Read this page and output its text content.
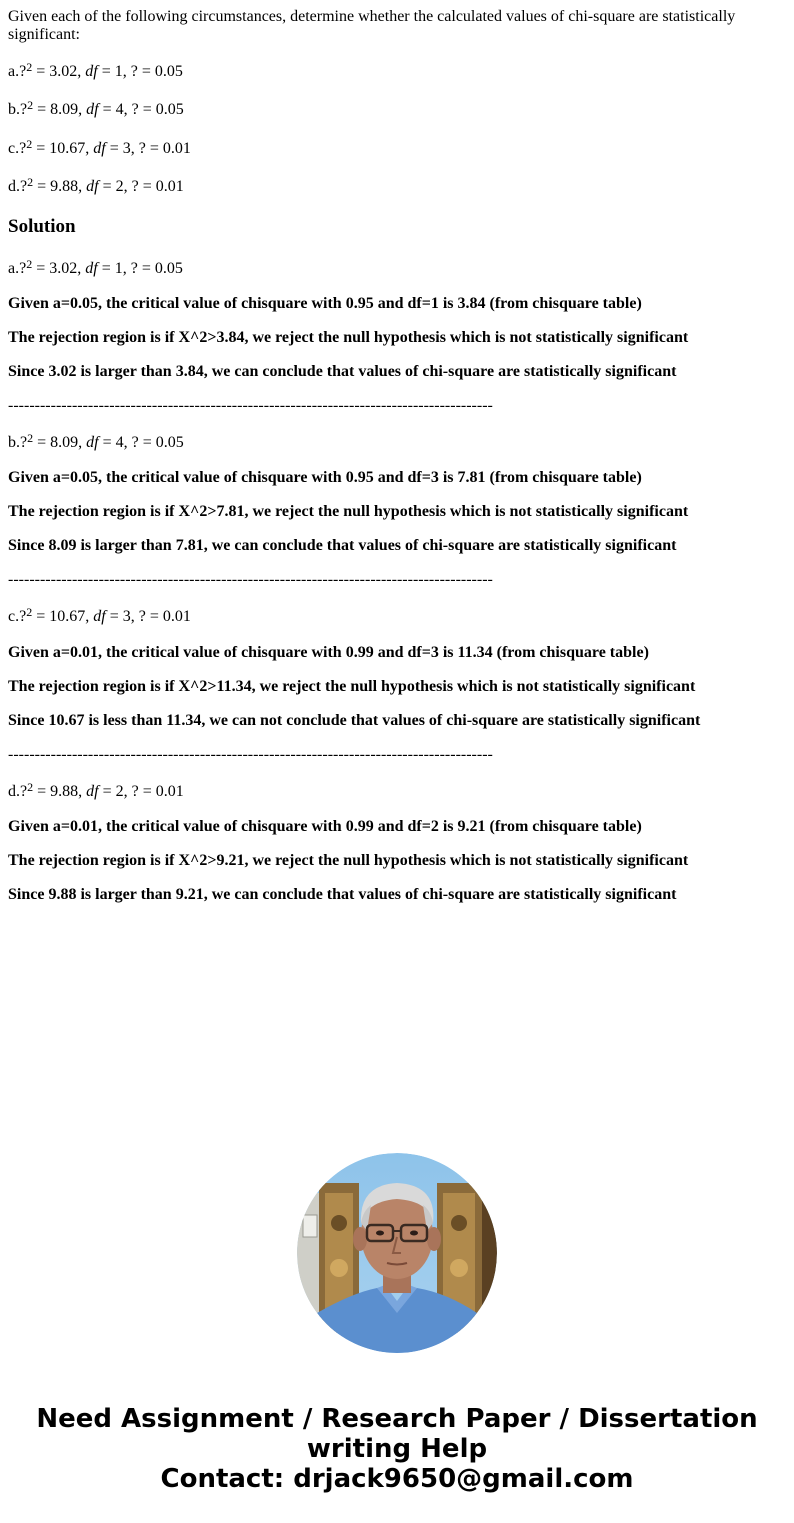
Given each of the following circumstances, determine whether the calculated values of chi-square are statistically significant:

a.?$^2$ = 3.02, df = 1, ? = 0.05

b.?$^2$ = 8.09, df = 4, ? = 0.05

c.?$^2$ = 10.67, df = 3, ? = 0.01

d.?$^2$ = 9.88, df = 2, ? = 0.01

Solution

a.?$^2$ = 3.02, df = 1, ? = 0.05

Given a=0.05, the critical value of chisquare with 0.95 and df=1 is 3.84 (from chisquare table)

The rejection region is if X^2>3.84, we reject the null hypothesis which is not statistically significant

Since 3.02 is larger than 3.84, we can conclude that values of chi-square are statistically significant

-------------------------------------------------------------------------------------------

b.?$^2$ = 8.09, df = 4, ? = 0.05

Given a=0.05, the critical value of chisquare with 0.95 and df=3 is 7.81 (from chisquare table)

The rejection region is if X^2>7.81, we reject the null hypothesis which is not statistically significant

Since 8.09 is larger than 7.81, we can conclude that values of chi-square are statistically significant

-------------------------------------------------------------------------------------------

c.?$^2$ = 10.67, df = 3, ? = 0.01

Given a=0.01, the critical value of chisquare with 0.99 and df=3 is 11.34 (from chisquare table)

The rejection region is if X^2>11.34, we reject the null hypothesis which is not statistically significant

Since 10.67 is less than 11.34, we can not conclude that values of chi-square are statistically significant

-------------------------------------------------------------------------------------------

d.?$^2$ = 9.88, df = 2, ? = 0.01

Given a=0.01, the critical value of chisquare with 0.99 and df=2 is 9.21 (from chisquare table)

The rejection region is if X^2>9.21, we reject the null hypothesis which is not statistically significant

Since 9.88 is larger than 9.21, we can conclude that values of chi-square are statistically significant

Need Assignment / Research Paper / Dissertation
writing Help
Contact: drjack9650@gmail.com
